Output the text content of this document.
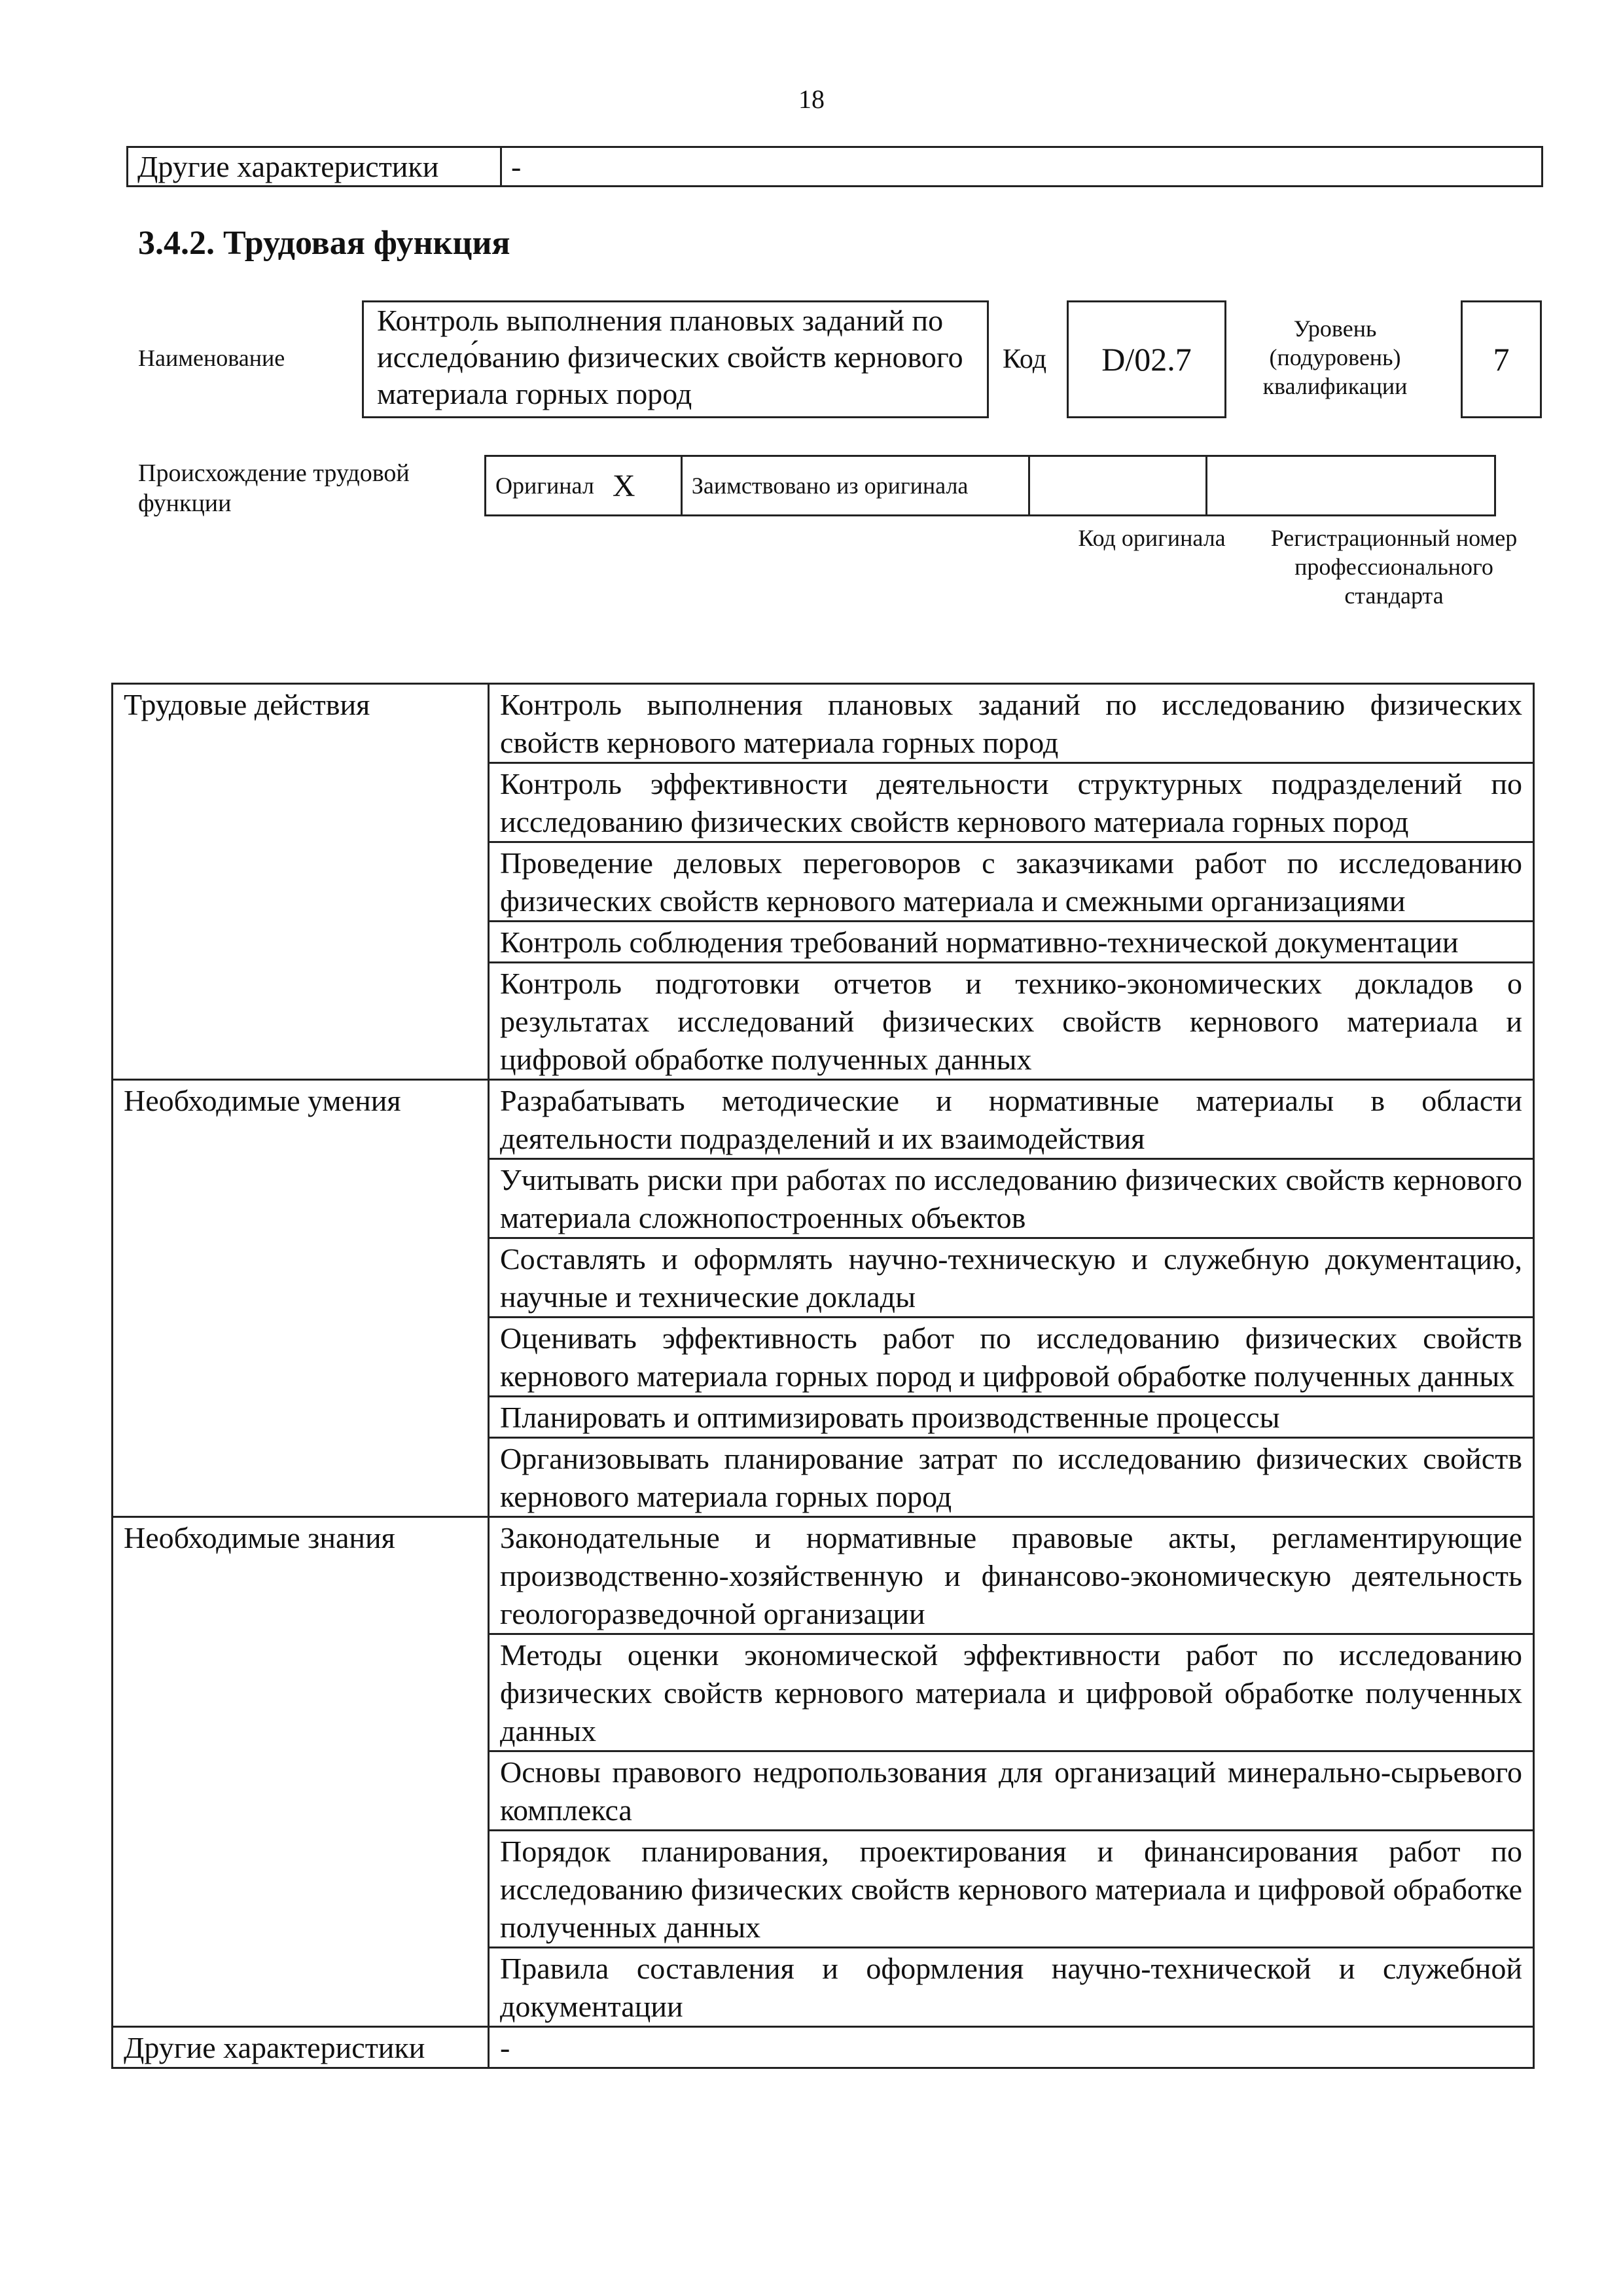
18
Другие характеристики	-
3.4.2. Трудовая функция
Наименование
Контроль выполнения плановых заданий по исследо́ванию физических свойств кернового материала горных пород
Код D/02.7
Уровень (подуровень) квалификации
7
Происхождение трудовой функции
Оригинал	X	Заимствовано из оригинала		
Код оригинала	Регистрационный номер профессионального стандарта
Трудовые действия	Контроль выполнения плановых заданий по исследованию физических свойств кернового материала горных пород
	Контроль эффективности деятельности структурных подразделений по исследованию физических свойств кернового материала горных пород
	Проведение деловых переговоров с заказчиками работ по исследованию физических свойств кернового материала и смежными организациями
	Контроль соблюдения требований нормативно-технической документации
	Контроль подготовки отчетов и технико-экономических докладов о результатах исследований физических свойств кернового материала и цифровой обработке полученных данных
Необходимые умения	Разрабатывать методические и нормативные материалы в области деятельности подразделений и их взаимодействия
	Учитывать риски при работах по исследованию физических свойств кернового материала сложнопостроенных объектов
	Составлять и оформлять научно-техническую и служебную документацию, научные и технические доклады
	Оценивать эффективность работ по исследованию физических свойств кернового материала горных пород и цифровой обработке полученных данных
	Планировать и оптимизировать производственные процессы
	Организовывать планирование затрат по исследованию физических свойств кернового материала горных пород
Необходимые знания	Законодательные и нормативные правовые акты, регламентирующие производственно-хозяйственную и финансово-экономическую деятельность геологоразведочной организации
	Методы оценки экономической эффективности работ по исследованию физических свойств кернового материала и цифровой обработке полученных данных
	Основы правового недропользования для организаций минерально-сырьевого комплекса
	Порядок планирования, проектирования и финансирования работ по исследованию физических свойств кернового материала и цифровой обработке полученных данных
	Правила составления и оформления научно-технической и служебной документации
Другие характеристики	-
